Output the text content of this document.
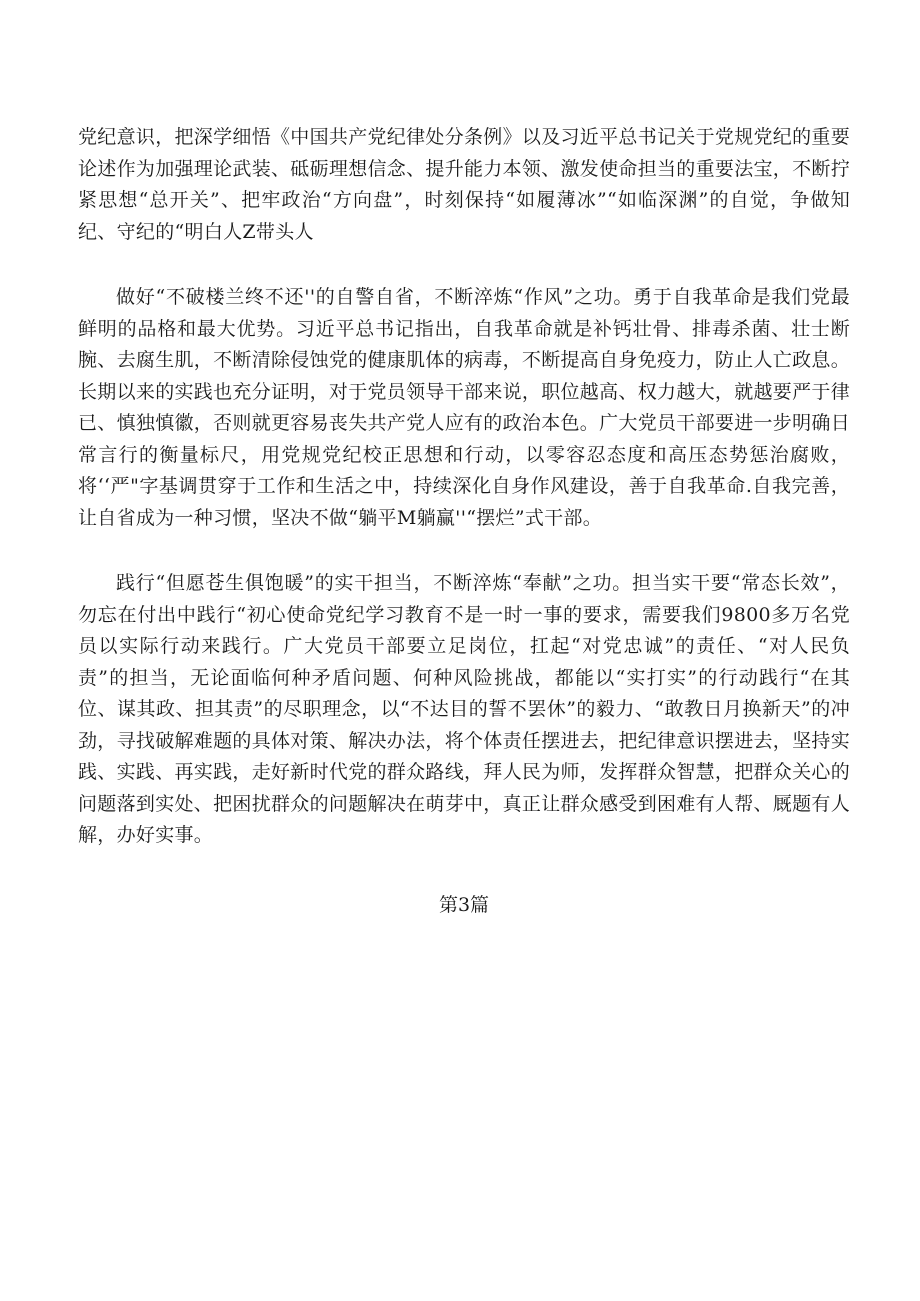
党纪意识，把深学细悟《中国共产党纪律处分条例》以及习近平总书记关于党规党纪的重要论述作为加强理论武装、砥砺理想信念、提升能力本领、激发使命担当的重要法宝，不断拧紧思想“总开关”、把牢政治“方向盘”，时刻保持“如履薄冰”“如临深渊”的自觉，争做知纪、守纪的“明白人Z带头人

做好“不破楼兰终不还''的自警自省，不断淬炼“作风”之功。勇于自我革命是我们党最鲜明的品格和最大优势。习近平总书记指出，自我革命就是补钙壮骨、排毒杀菌、壮士断腕、去腐生肌，不断清除侵蚀党的健康肌体的病毒，不断提高自身免疫力，防止人亡政息。长期以来的实践也充分证明，对于党员领导干部来说，职位越高、权力越大，就越要严于律已、慎独慎徽，否则就更容易丧失共产党人应有的政治本色。广大党员干部要进一步明确日常言行的衡量标尺，用党规党纪校正思想和行动，以零容忍态度和高压态势惩治腐败，将‘‘严"字基调贯穿于工作和生活之中，持续深化自身作风建设，善于自我革命.自我完善，让自省成为一种习惯，坚决不做“躺平M躺赢''“摆烂”式干部。

践行“但愿苍生俱饱暖”的实干担当，不断淬炼“奉献”之功。担当实干要“常态长效”，勿忘在付出中践行“初心使命党纪学习教育不是一时一事的要求，需要我们9800多万名党员以实际行动来践行。广大党员干部要立足岗位，扛起“对党忠诚”的责任、“对人民负责”的担当，无论面临何种矛盾问题、何种风险挑战，都能以“实打实”的行动践行“在其位、谋其政、担其责”的尽职理念，以“不达目的誓不罢休”的毅力、“敢教日月换新天”的冲劲，寻找破解难题的具体对策、解决办法，将个体责任摆进去，把纪律意识摆进去，坚持实践、实践、再实践，走好新时代党的群众路线，拜人民为师，发挥群众智慧，把群众关心的问题落到实处、把困扰群众的问题解决在萌芽中，真正让群众感受到困难有人帮、厩题有人解，办好实事。

第3篇
